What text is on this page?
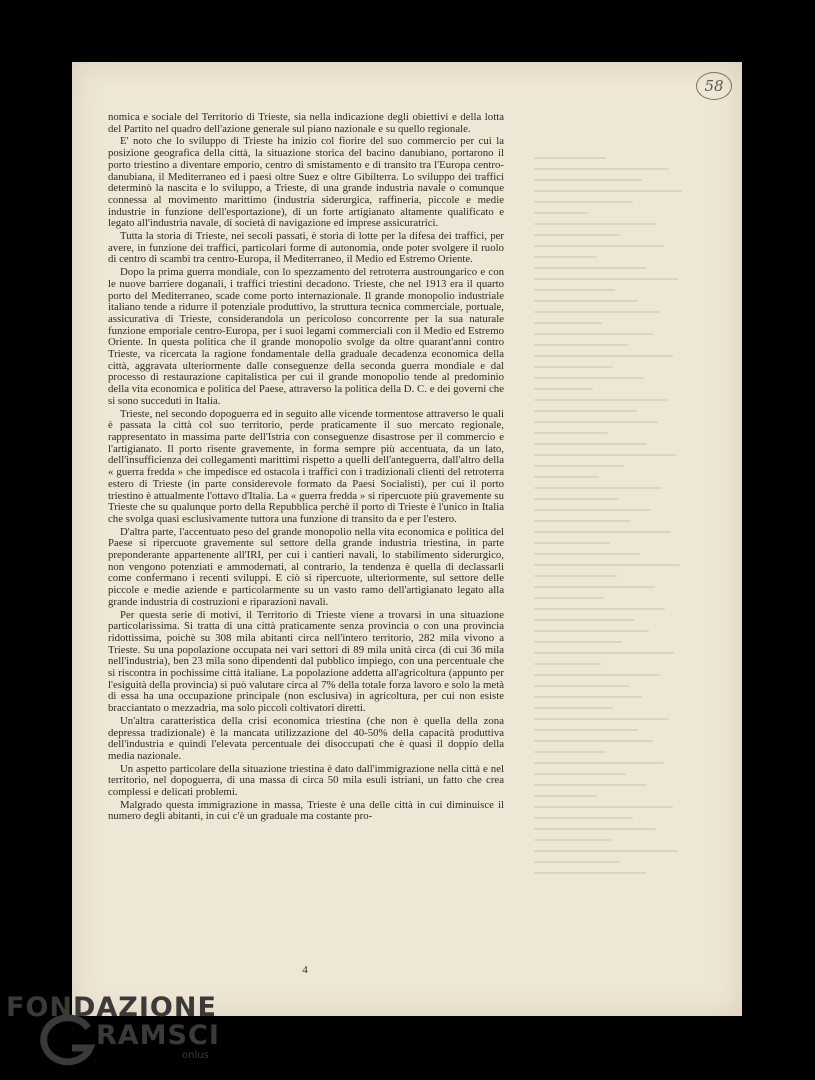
58

nomica e sociale del Territorio di Trieste, sia nella indicazione degli obiettivi e della lotta del Partito nel quadro dell'azione generale sul piano nazionale e su quello regionale.

E' noto che lo sviluppo di Trieste ha inizio col fiorire del suo commercio per cui la posizione geografica della città, la situazione storica del bacino danubiano, portarono il porto triestino a diventare emporio, centro di smistamento e di transito tra l'Europa centro-danubiana, il Mediterraneo ed i paesi oltre Suez e oltre Gibilterra. Lo sviluppo dei traffici determinò la nascita e lo sviluppo, a Trieste, di una grande industria navale o comunque connessa al movimento marittimo (industria siderurgica, raffineria, piccole e medie industrie in funzione dell'esportazione), di un forte artigianato altamente qualificato e legato all'industria navale, di società di navigazione ed imprese assicuratrici.

Tutta la storia di Trieste, nei secoli passati, è storia di lotte per la difesa dei traffici, per avere, in funzione dei traffici, particolari forme di autonomia, onde poter svolgere il ruolo di centro di scambi tra centro-Europa, il Mediterraneo, il Medio ed Estremo Oriente.

Dopo la prima guerra mondiale, con lo spezzamento del retroterra austroungarico e con le nuove barriere doganali, i traffici triestini decadono. Trieste, che nel 1913 era il quarto porto del Mediterraneo, scade come porto internazionale. Il grande monopolio industriale italiano tende a ridurre il potenziale produttivo, la struttura tecnica commerciale, portuale, assicurativa di Trieste, considerandola un pericoloso concorrente per la sua naturale funzione emporiale centro-Europa, per i suoi legami commerciali con il Medio ed Estremo Oriente. In questa politica che il grande monopolio svolge da oltre quarant'anni contro Trieste, va ricercata la ragione fondamentale della graduale decadenza economica della città, aggravata ulteriormente dalle conseguenze della seconda guerra mondiale e dal processo di restaurazione capitalistica per cui il grande monopolio tende al predominio della vita economica e politica del Paese, attraverso la politica della D. C. e dei governi che si sono succeduti in Italia.

Trieste, nel secondo dopoguerra ed in seguito alle vicende tormentose attraverso le quali è passata la città col suo territorio, perde praticamente il suo mercato regionale, rappresentato in massima parte dell'Istria con conseguenze disastrose per il commercio e l'artigianato. Il porto risente gravemente, in forma sempre più accentuata, da un lato, dell'insufficienza dei collegamenti marittimi rispetto a quelli dell'anteguerra, dall'altro della « guerra fredda » che impedisce ed ostacola i traffici con i tradizionali clienti del retroterra estero di Trieste (in parte considerevole formato da Paesi Socialisti), per cui il porto triestino è attualmente l'ottavo d'Italia. La « guerra fredda » si ripercuote più gravemente su Trieste che su qualunque porto della Repubblica perchè il porto di Trieste è l'unico in Italia che svolga quasi esclusivamente tuttora una funzione di transito da e per l'estero.

D'altra parte, l'accentuato peso del grande monopolio nella vita economica e politica del Paese si ripercuote gravemente sul settore della grande industria triestina, in parte preponderante appartenente all'IRI, per cui i cantieri navali, lo stabilimento siderurgico, non vengono potenziati e ammodernati, al contrario, la tendenza è quella di declassarli come confermano i recenti sviluppi. E ciò si ripercuote, ulteriormente, sul settore delle piccole e medie aziende e particolarmente su un vasto ramo dell'artigianato legato alla grande industria di costruzioni e riparazioni navali.

Per questa serie di motivi, il Territorio di Trieste viene a trovarsi in una situazione particolarissima. Si tratta di una città praticamente senza provincia o con una provincia ridottissima, poichè su 308 mila abitanti circa nell'intero territorio, 282 mila vivono a Trieste. Su una popolazione occupata nei vari settori di 89 mila unità circa (di cui 36 mila nell'industria), ben 23 mila sono dipendenti dal pubblico impiego, con una percentuale che si riscontra in pochissime città italiane. La popolazione addetta all'agricoltura (appunto per l'esiguità della provincia) si può valutare circa al 7% della totale forza lavoro e solo la metà di essa ha una occupazione principale (non esclusiva) in agricoltura, per cui non esiste bracciantato o mezzadria, ma solo piccoli coltivatori diretti.

Un'altra caratteristica della crisi economica triestina (che non è quella della zona depressa tradizionale) è la mancata utilizzazione del 40-50% della capacità produttiva dell'industria e quindi l'elevata percentuale dei disoccupati che è quasi il doppio della media nazionale.

Un aspetto particolare della situazione triestina è dato dall'immigrazione nella città e nel territorio, nel dopoguerra, di una massa di circa 50 mila esuli istriani, un fatto che crea complessi e delicati problemi.

Malgrado questa immigrazione in massa, Trieste è una delle città in cui diminuisce il numero degli abitanti, in cui c'è un graduale ma costante pro-

4
FONDAZIONE
RAMSCI
onlus
